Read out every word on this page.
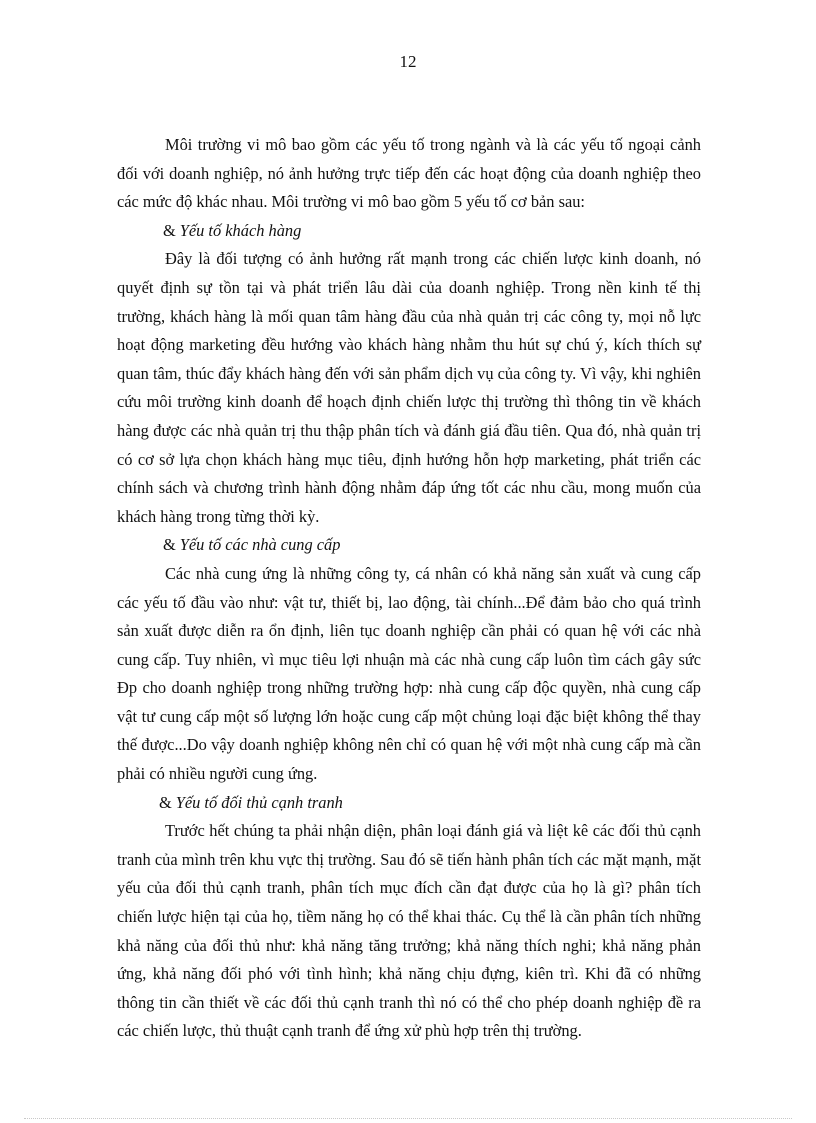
12

Môi trường vi mô bao gồm các yếu tố trong ngành và là các yếu tố ngoại cảnh đối với doanh nghiệp, nó ảnh hưởng trực tiếp đến các hoạt động của doanh nghiệp theo các mức độ khác nhau. Môi trường vi mô bao gồm 5 yếu tố cơ bản sau:

& Yếu tố khách hàng

Đây là đối tượng có ảnh hưởng rất mạnh trong các chiến lược kinh doanh, nó quyết định sự tồn tại và phát triển lâu dài của doanh nghiệp. Trong nền kinh tế thị trường, khách hàng là mối quan tâm hàng đầu của nhà quản trị các công ty, mọi nỗ lực hoạt động marketing đều hướng vào khách hàng nhằm thu hút sự chú ý, kích thích sự quan tâm, thúc đẩy khách hàng đến với sản phẩm dịch vụ của công ty. Vì vậy, khi nghiên cứu môi trường kinh doanh để hoạch định chiến lược thị trường thì thông tin về khách hàng được các nhà quản trị thu thập phân tích và đánh giá đầu tiên. Qua đó, nhà quản trị có cơ sở lựa chọn khách hàng mục tiêu, định hướng hỗn hợp marketing, phát triển các chính sách và chương trình hành động nhằm đáp ứng tốt các nhu cầu, mong muốn của khách hàng trong từng thời kỳ.

& Yếu tố các nhà cung cấp

Các nhà cung ứng là những công ty, cá nhân có khả năng sản xuất và cung cấp các yếu tố đầu vào như: vật tư, thiết bị, lao động, tài chính...Để đảm bảo cho quá trình sản xuất được diễn ra ổn định, liên tục doanh nghiệp cần phải có quan hệ với các nhà cung cấp. Tuy nhiên, vì mục tiêu lợi nhuận mà các nhà cung cấp luôn tìm cách gây sức Ðp cho doanh nghiệp trong những trường hợp: nhà cung cấp độc quyền, nhà cung cấp vật tư cung cấp một số lượng lớn hoặc cung cấp một chủng loại đặc biệt không thể thay thế được...Do vậy doanh nghiệp không nên chỉ có quan hệ với một nhà cung cấp mà cần phải có nhiều người cung ứng.

& Yếu tố đối thủ cạnh tranh

Trước hết chúng ta phải nhận diện, phân loại đánh giá và liệt kê các đối thủ cạnh tranh của mình trên khu vực thị trường. Sau đó sẽ tiến hành phân tích các mặt mạnh, mặt yếu của đối thủ cạnh tranh, phân tích mục đích cần đạt được của họ là gì? phân tích chiến lược hiện tại của họ, tiềm năng họ có thể khai thác. Cụ thể là cần phân tích những khả năng của đối thủ như: khả năng tăng trưởng; khả năng thích nghi; khả năng phản ứng, khả năng đối phó với tình hình; khả năng chịu đựng, kiên trì. Khi đã có những thông tin cần thiết về các đối thủ cạnh tranh thì nó có thể cho phép doanh nghiệp đề ra các chiến lược, thủ thuật cạnh tranh để ứng xử phù hợp trên thị trường.
